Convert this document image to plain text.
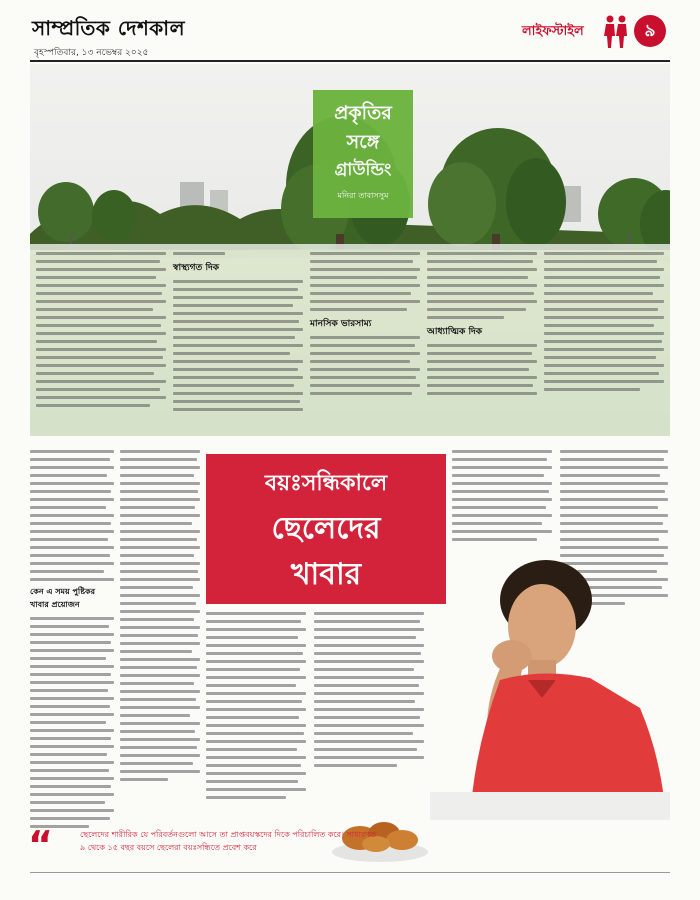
সাম্প্রতিক দেশকাল
বৃহস্পতিবার, ১৩ নভেম্বর ২০২৫
লাইফস্টাইল	৯
প্রকৃতির
সঙ্গে
গ্রাউন্ডিং
মনিরা তাবাসসুম
স্বাস্থ্যগত দিক
মানসিক ভারসাম্য
আধ্যাত্মিক দিক
কেন এ সময় পুষ্টিকর খাবার প্রয়োজন
বয়ঃসন্ধিকালে
ছেলেদের
খাবার
“	ছেলেদের শারীরিক যে পরিবর্তনগুলো আসে তা প্রাপ্তবয়স্কদের দিকে পরিচালিত করে। সাধারণত ৯ থেকে ১৫ বছর বয়সে ছেলেরা বয়ঃসন্ধিতে প্রবেশ করে
